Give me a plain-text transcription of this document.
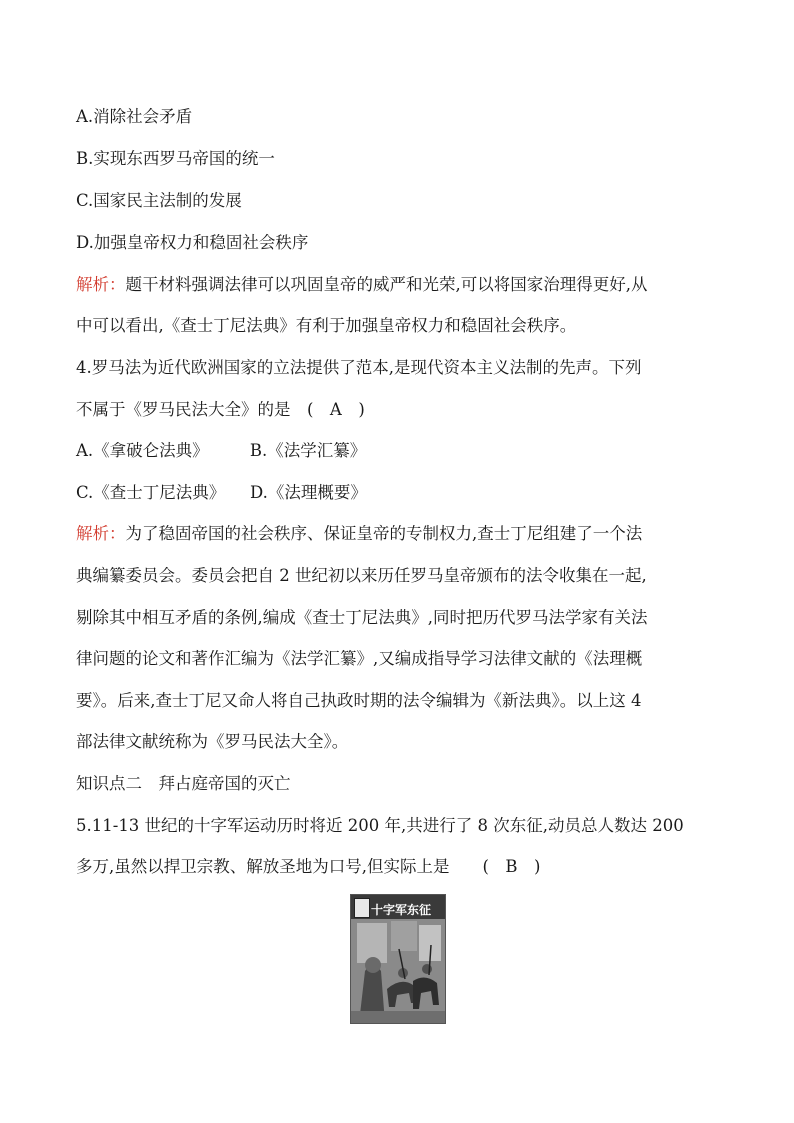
A.消除社会矛盾
B.实现东西罗马帝国的统一
C.国家民主法制的发展
D.加强皇帝权力和稳固社会秩序
解析：题干材料强调法律可以巩固皇帝的威严和光荣,可以将国家治理得更好,从
中可以看出,《查士丁尼法典》有利于加强皇帝权力和稳固社会秩序。
4.罗马法为近代欧洲国家的立法提供了范本,是现代资本主义法制的先声。下列
不属于《罗马民法大全》的是　(　A　)
A.《拿破仑法典》　　　B.《法学汇纂》
C.《查士丁尼法典》　　D.《法理概要》
解析：为了稳固帝国的社会秩序、保证皇帝的专制权力,查士丁尼组建了一个法
典编纂委员会。委员会把自 2 世纪初以来历任罗马皇帝颁布的法令收集在一起,
剔除其中相互矛盾的条例,编成《查士丁尼法典》,同时把历代罗马法学家有关法
律问题的论文和著作汇编为《法学汇纂》,又编成指导学习法律文献的《法理概
要》。后来,查士丁尼又命人将自己执政时期的法令编辑为《新法典》。以上这 4
部法律文献统称为《罗马民法大全》。
知识点二　拜占庭帝国的灭亡
5.11-13 世纪的十字军运动历时将近 200 年,共进行了 8 次东征,动员总人数达 200
多万,虽然以捍卫宗教、解放圣地为口号,但实际上是　　(　B　)
十字军东征
